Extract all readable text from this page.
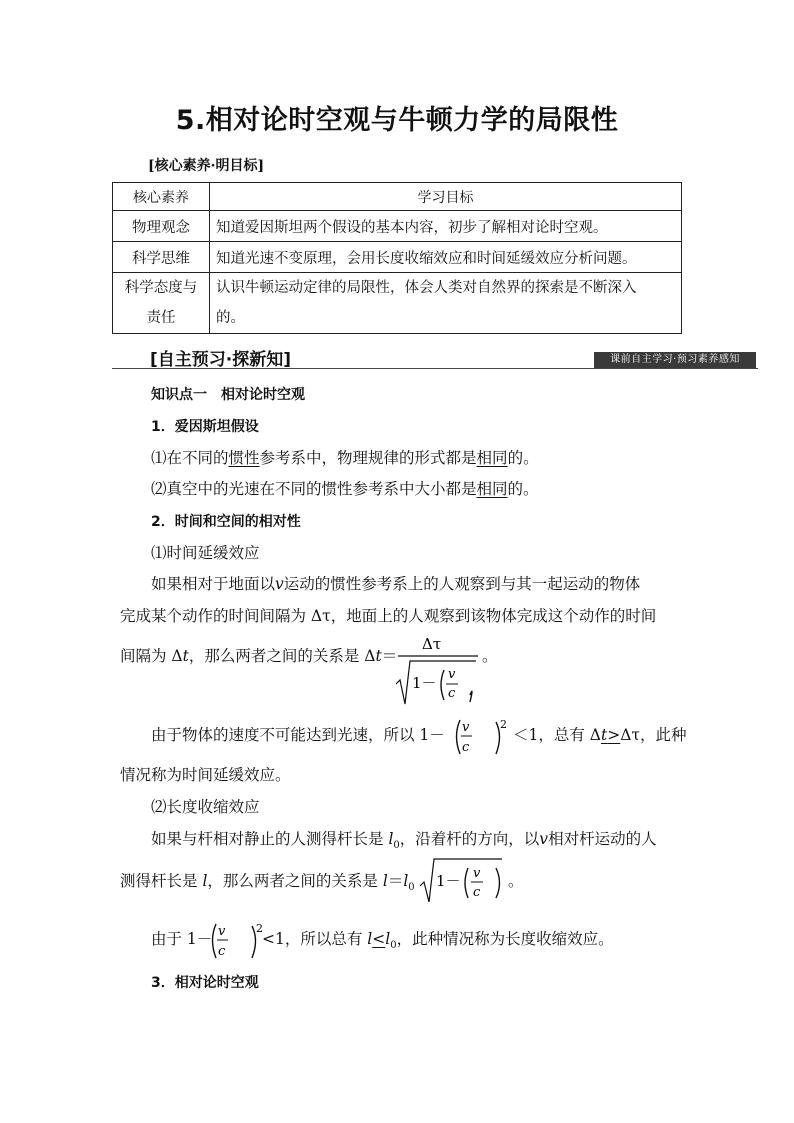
5.相对论时空观与牛顿力学的局限性
[核心素养·明目标]
核心素养	学习目标
物理观念	知道爱因斯坦两个假设的基本内容，初步了解相对论时空观。
科学思维	知道光速不变原理，会用长度收缩效应和时间延缓效应分析问题。
科学态度与
责任	认识牛顿运动定律的局限性，体会人类对自然界的探索是不断深入
的。
[自主预习·探新知]	课前自主学习·预习素养感知
知识点一　相对论时空观
1．爱因斯坦假设
⑴在不同的惯性参考系中，物理规律的形式都是相同的。
⑵真空中的光速在不同的惯性参考系中大小都是相同的。
2．时间和空间的相对性
⑴时间延缓效应
如果相对于地面以v运动的惯性参考系上的人观察到与其一起运动的物体
完成某个动作的时间间隔为 Δτ，地面上的人观察到该物体完成这个动作的时间
间隔为 Δt，那么两者之间的关系是 Δt＝
Δτ
1－ v
c
。
由于物体的速度不可能达到光速，所以 1－ v
c
2
＜1，总有 Δt>Δτ，此种
情况称为时间延缓效应。
⑵长度收缩效应
如果与杆相对静止的人测得杆长是 $l_0$，沿着杆的方向，以v相对杆运动的人
测得杆长是 l，那么两者之间的关系是 $l=l_0$ 1－ v
c
。
由于 1－ v
c
2
<1，所以总有 $l<l_0$，此种情况称为长度收缩效应。
3．相对论时空观
